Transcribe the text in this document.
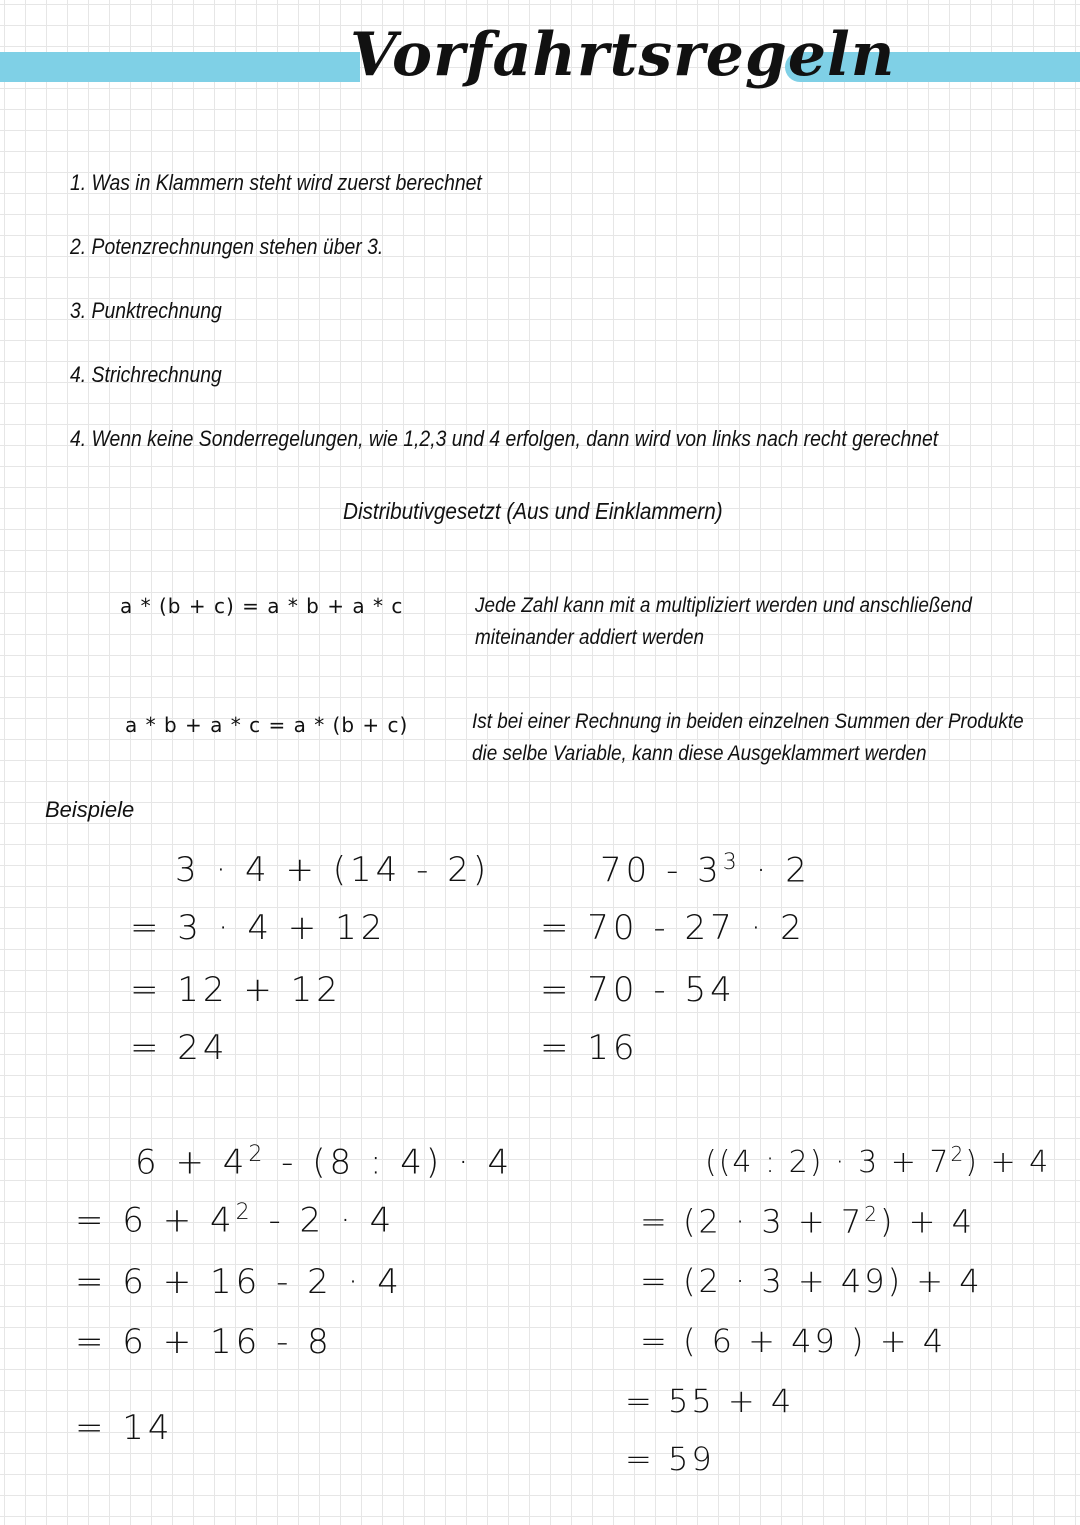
Vorfahrtsregeln
1. Was in Klammern steht wird zuerst berechnet
2. Potenzrechnungen stehen über 3.
3. Punktrechnung
4. Strichrechnung
4. Wenn keine Sonderregelungen, wie 1,2,3 und 4 erfolgen, dann wird von links nach recht gerechnet
Distributivgesetzt (Aus und Einklammern)
a * (b + c) = a * b + a * c	Jede Zahl kann mit a multipliziert werden und anschließend
miteinander addiert werden
a * b + a * c = a * (b + c)	Ist bei einer Rechnung in beiden einzelnen Summen der Produkte
die selbe Variable, kann diese Ausgeklammert werden
Beispiele
3 · 4 + (14 - 2)
= 3 · 4 + 12
= 12 + 12
= 24
$70 - 3^3 \cdot 2$
= 70 - 27 · 2
= 70 - 54
= 16
$6 + 4^2 - (8$ : 4) · 4
= $6 + 4^2 - 2 \cdot 4$
= 6 + 16 - 2 · 4
= 6 + 16 - 8
= 14
((4 : $2) \cdot 3 + 7^2) + 4$
= $(2 \cdot 3 + 7^2) + 4$
= (2 · 3 + 49) + 4
= ( 6 + 49 ) + 4
= 55 + 4
= 59
